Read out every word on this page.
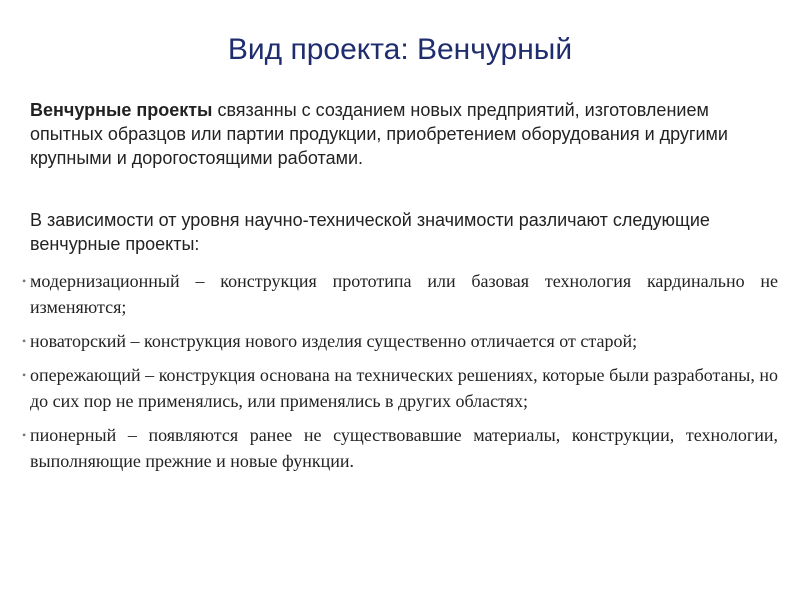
Вид проекта: Венчурный
Венчурные проекты связанны с созданием новых предприятий, изготовлением опытных образцов или партии продукции, приобретением оборудования и другими крупными и дорогостоящими работами.
В зависимости от уровня научно-технической значимости различают следующие венчурные проекты:
• модернизационный – конструкция прототипа или базовая технология кардинально не изменяются;
• новаторский – конструкция нового изделия существенно отличается от старой;
• опережающий – конструкция основана на технических решениях, которые были разработаны, но до сих пор не применялись, или применялись в других областях;
• пионерный – появляются ранее не существовавшие материалы, конструкции, технологии, выполняющие прежние и новые функции.
